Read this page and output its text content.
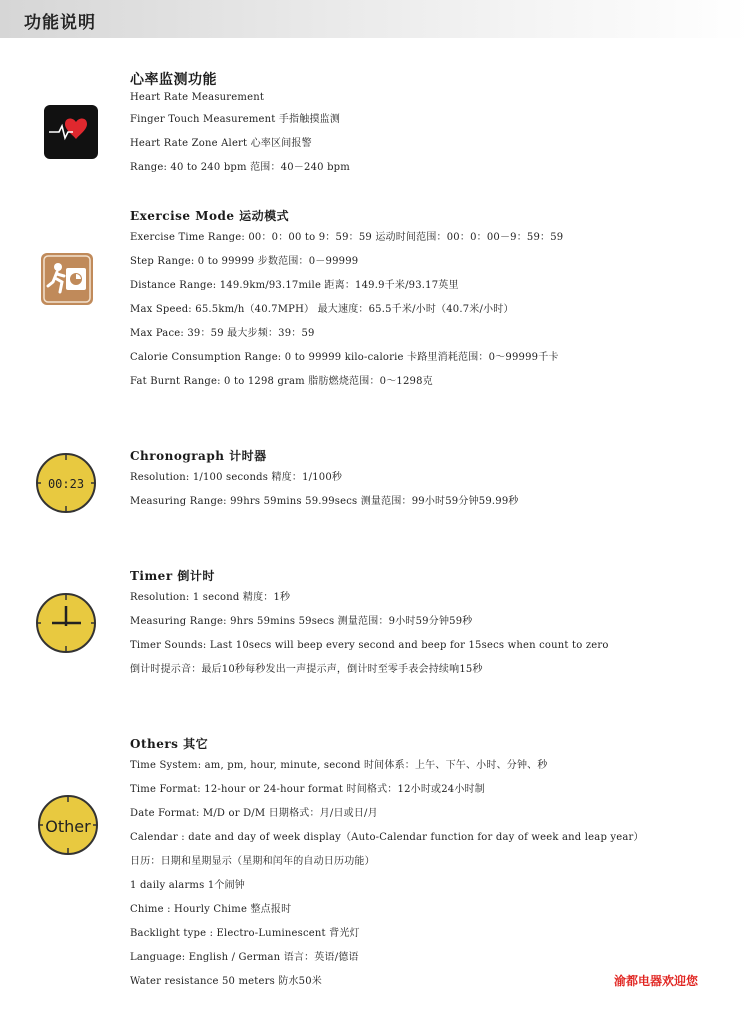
功能说明
心率监测功能
Heart Rate Measurement
Finger Touch Measurement 手指触摸监测
Heart Rate Zone Alert 心率区间报警
Range: 40 to 240 bpm 范围：40－240 bpm
Exercise Mode 运动模式
Exercise Time Range: 00：0：00 to 9：59：59 运动时间范围：00：0：00－9：59：59
Step Range: 0 to 99999 步数范围：0－99999
Distance Range: 149.9km/93.17mile 距离：149.9千米/93.17英里
Max Speed: 65.5km/h（40.7MPH） 最大速度：65.5千米/小时（40.7米/小时）
Max Pace: 39：59 最大步频：39：59
Calorie Consumption Range: 0 to 99999 kilo-calorie 卡路里消耗范围：0～99999千卡
Fat Burnt Range: 0 to 1298 gram 脂肪燃烧范围：0～1298克
00:23
Chronograph 计时器
Resolution: 1/100 seconds 精度：1/100秒
Measuring Range: 99hrs 59mins 59.99secs 测量范围：99小时59分钟59.99秒
Timer 倒计时
Resolution: 1 second 精度：1秒
Measuring Range: 9hrs 59mins 59secs 测量范围：9小时59分钟59秒
Timer Sounds: Last 10secs will beep every second and beep for 15secs when count to zero
倒计时提示音：最后10秒每秒发出一声提示声，倒计时至零手表会持续响15秒
Other
Others 其它
Time System: am, pm, hour, minute, second 时间体系：上午、下午、小时、分钟、秒
Time Format: 12-hour or 24-hour format 时间格式：12小时或24小时制
Date Format: M/D or D/M 日期格式：月/日或日/月
Calendar : date and day of week display（Auto-Calendar function for day of week and leap year）
日历：日期和星期显示（星期和闰年的自动日历功能）
1 daily alarms 1个闹钟
Chime : Hourly Chime 整点报时
Backlight type : Electro-Luminescent 背光灯
Language: English / German 语言：英语/德语
Water resistance 50 meters 防水50米	渝都电器欢迎您
